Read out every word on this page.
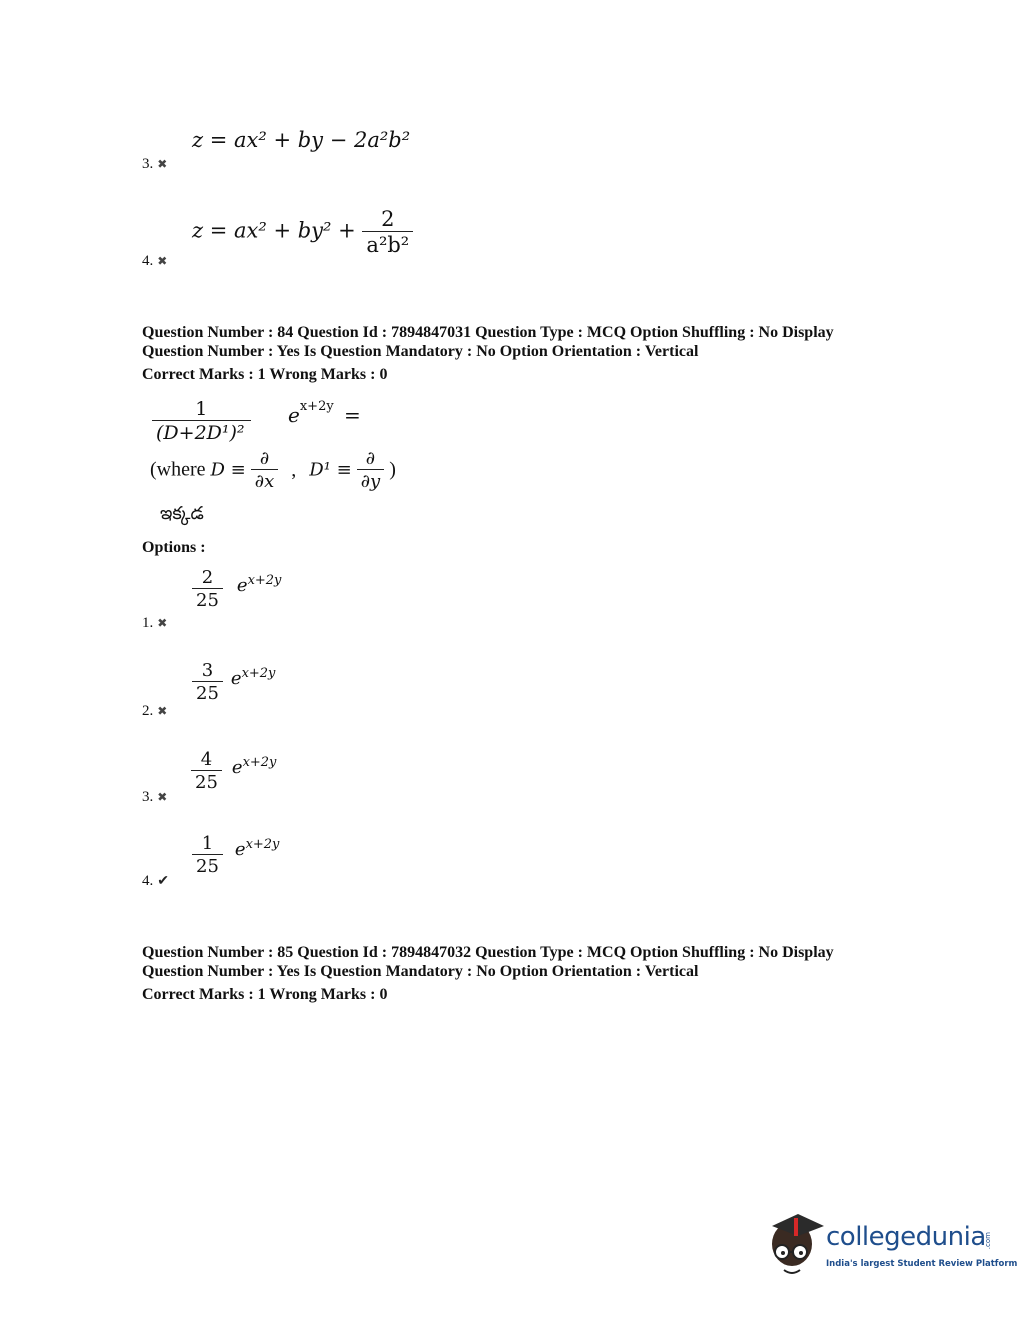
z = ax² + by − 2a²b²
3. ✖
$z = ax^2 + by^2 + \frac{2}{\text{a²b²}}$
4. ✖
Question Number : 84 Question Id : 7894847031 Question Type : MCQ Option Shuffling : No Display
Question Number : Yes Is Question Mandatory : No Option Orientation : Vertical
Correct Marks : 1 Wrong Marks : 0
$\frac{1}{\text{(D+2D¹)²}} e^{x+2y}$ =
(where $D \equiv \frac{\partial}{\partial x}$ , $D^1 \equiv \frac{\partial}{\partial y}$ )
ఇక్కడ
Options :
$\frac{2}{25} e^{x+2y}$
1. ✖
$\frac{3}{25} e^{x+2y}$
2. ✖
$\frac{4}{25} e^{x+2y}$
3. ✖
$\frac{1}{25} e^{x+2y}$
4. ✔
Question Number : 85 Question Id : 7894847032 Question Type : MCQ Option Shuffling : No Display
Question Number : Yes Is Question Mandatory : No Option Orientation : Vertical
Correct Marks : 1 Wrong Marks : 0
collegedunia
.com
India's largest Student Review Platform
